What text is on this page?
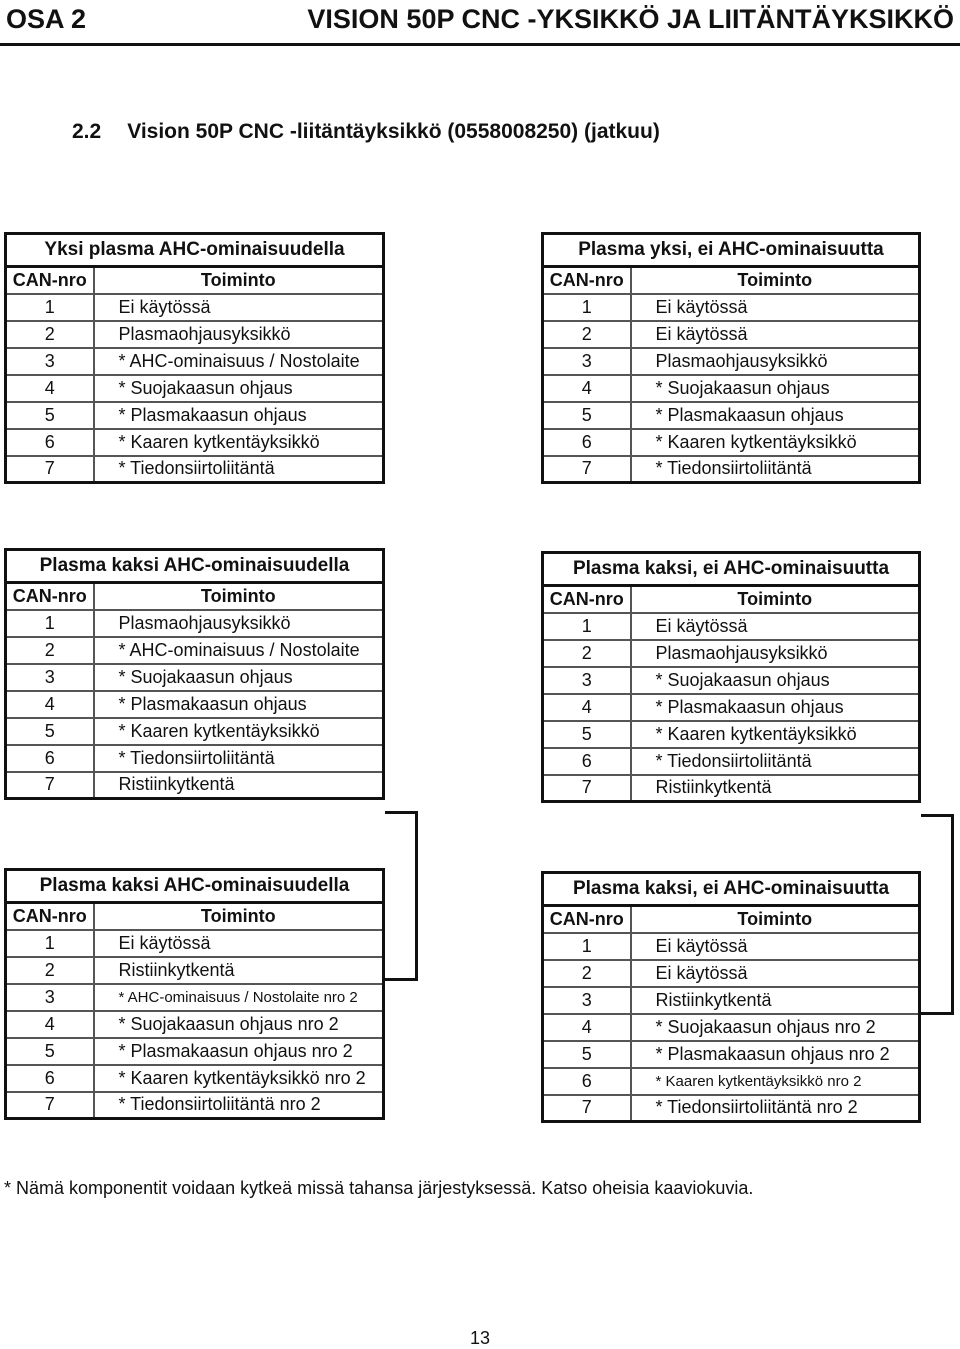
OSA 2	VISION 50P CNC -YKSIKKÖ JA LIITÄNTÄYKSIKKÖ
2.2 Vision 50P CNC -liitäntäyksikkö (0558008250) (jatkuu)
Yksi plasma AHC-ominaisuudella	
CAN-nro	Toiminto
1	Ei käytössä
2	Plasmaohjausyksikkö
3	* AHC-ominaisuus / Nostolaite
4	* Suojakaasun ohjaus
5	* Plasmakaasun ohjaus
6	* Kaaren kytkentäyksikkö
7	* Tiedonsiirtoliitäntä
Plasma yksi, ei AHC-ominaisuutta	
CAN-nro	Toiminto
1	Ei käytössä
2	Ei käytössä
3	Plasmaohjausyksikkö
4	* Suojakaasun ohjaus
5	* Plasmakaasun ohjaus
6	* Kaaren kytkentäyksikkö
7	* Tiedonsiirtoliitäntä
Plasma kaksi AHC-ominaisuudella	
CAN-nro	Toiminto
1	Plasmaohjausyksikkö
2	* AHC-ominaisuus / Nostolaite
3	* Suojakaasun ohjaus
4	* Plasmakaasun ohjaus
5	* Kaaren kytkentäyksikkö
6	* Tiedonsiirtoliitäntä
7	Ristiinkytkentä
Plasma kaksi, ei AHC-ominaisuutta	
CAN-nro	Toiminto
1	Ei käytössä
2	Plasmaohjausyksikkö
3	* Suojakaasun ohjaus
4	* Plasmakaasun ohjaus
5	* Kaaren kytkentäyksikkö
6	* Tiedonsiirtoliitäntä
7	Ristiinkytkentä
Plasma kaksi AHC-ominaisuudella	
CAN-nro	Toiminto
1	Ei käytössä
2	Ristiinkytkentä
3	* AHC-ominaisuus / Nostolaite nro 2
4	* Suojakaasun ohjaus nro 2
5	* Plasmakaasun ohjaus nro 2
6	* Kaaren kytkentäyksikkö nro 2
7	* Tiedonsiirtoliitäntä nro 2
Plasma kaksi, ei AHC-ominaisuutta	
CAN-nro	Toiminto
1	Ei käytössä
2	Ei käytössä
3	Ristiinkytkentä
4	* Suojakaasun ohjaus nro 2
5	* Plasmakaasun ohjaus nro 2
6	* Kaaren kytkentäyksikkö nro 2
7	* Tiedonsiirtoliitäntä nro 2
* Nämä komponentit voidaan kytkeä missä tahansa järjestyksessä. Katso oheisia kaaviokuvia.
13
